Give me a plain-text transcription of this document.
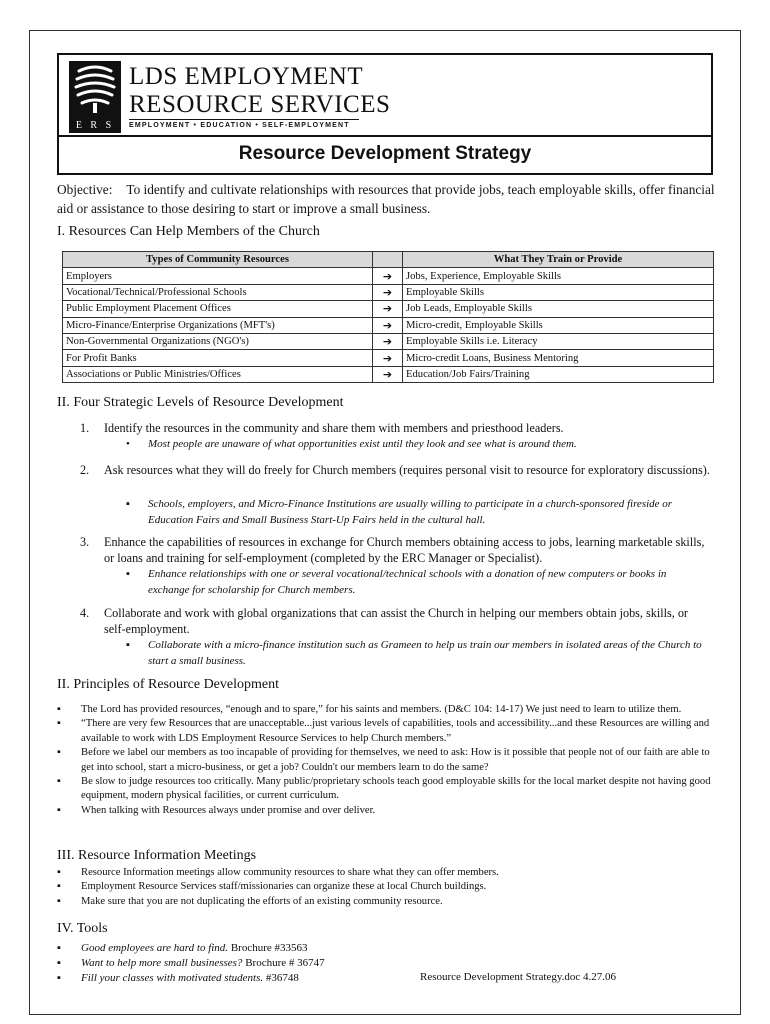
E R S
LDS EMPLOYMENT
RESOURCE SERVICES
EMPLOYMENT • EDUCATION • SELF-EMPLOYMENT
Resource Development Strategy
Objective: To identify and cultivate relationships with resources that provide jobs, teach employable skills, offer financial aid or assistance to those desiring to start or improve a small business.
I. Resources Can Help Members of the Church
Types of Community Resources		What They Train or Provide
Employers	➔	Jobs, Experience, Employable Skills
Vocational/Technical/Professional Schools	➔	Employable Skills
Public Employment Placement Offices	➔	Job Leads, Employable Skills
Micro-Finance/Enterprise Organizations (MFT's)	➔	Micro-credit, Employable Skills
Non-Governmental Organizations (NGO's)	➔	Employable Skills i.e. Literacy
For Profit Banks	➔	Micro-credit Loans, Business Mentoring
Associations or Public Ministries/Offices	➔	Education/Job Fairs/Training
II. Four Strategic Levels of Resource Development
1. Identify the resources in the community and share them with members and priesthood leaders.
• Most people are unaware of what opportunities exist until they look and see what is around them.
2. Ask resources what they will do freely for Church members (requires personal visit to resource for exploratory discussions).
▪ Schools, employers, and Micro-Finance Institutions are usually willing to participate in a church-sponsored fireside or Education Fairs and Small Business Start-Up Fairs held in the cultural hall.
3. Enhance the capabilities of resources in exchange for Church members obtaining access to jobs, learning marketable skills, or loans and training for self-employment (completed by the ERC Manager or Specialist).
▪ Enhance relationships with one or several vocational/technical schools with a donation of new computers or books in exchange for scholarship for Church members.
4. Collaborate and work with global organizations that can assist the Church in helping our members obtain jobs, skills, or self-employment.
▪ Collaborate with a micro-finance institution such as Grameen to help us train our members in isolated areas of the Church to start a small business.
II. Principles of Resource Development
▪ The Lord has provided resources, “enough and to spare,” for his saints and members. (D&C 104: 14-17) We just need to learn to utilize them.
▪ “There are very few Resources that are unacceptable...just various levels of capabilities, tools and accessibility...and these Resources are willing and available to work with LDS Employment Resource Services to help Church members.”
▪ Before we label our members as too incapable of providing for themselves, we need to ask: How is it possible that people not of our faith are able to get into school, start a micro-business, or get a job? Couldn't our members learn to do the same?
▪ Be slow to judge resources too critically. Many public/proprietary schools teach good employable skills for the local market despite not having good equipment, modern physical facilities, or current curriculum.
▪ When talking with Resources always under promise and over deliver.
III. Resource Information Meetings
▪ Resource Information meetings allow community resources to share what they can offer members.
▪ Employment Resource Services staff/missionaries can organize these at local Church buildings.
▪ Make sure that you are not duplicating the efforts of an existing community resource.
IV. Tools
▪ Good employees are hard to find. Brochure #33563
▪ Want to help more small businesses? Brochure # 36747
▪ Fill your classes with motivated students. #36748	Resource Development Strategy.doc 4.27.06
